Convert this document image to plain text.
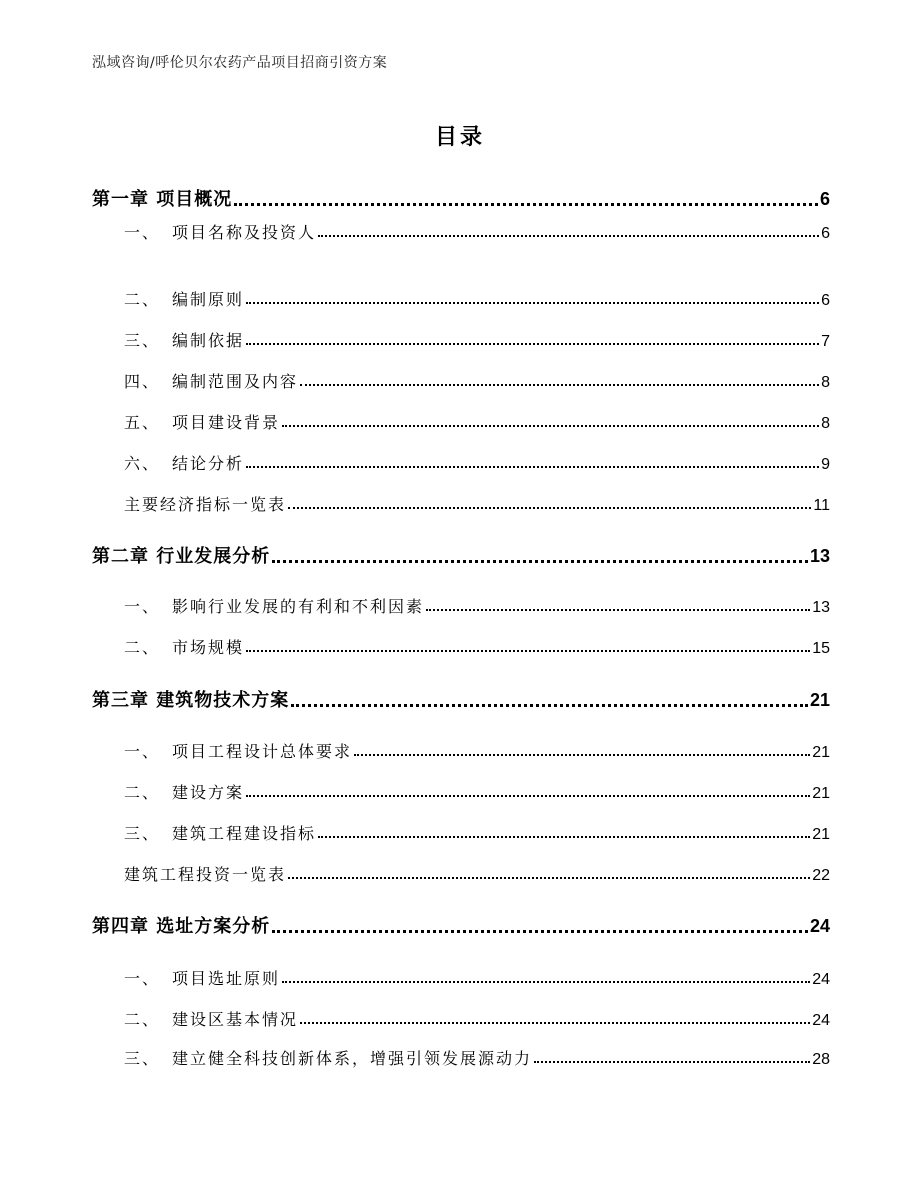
泓域咨询/呼伦贝尔农药产品项目招商引资方案
目录
第一章 项目概况	6
一、 项目名称及投资人	6
二、 编制原则	6
三、 编制依据	7
四、 编制范围及内容	8
五、 项目建设背景	8
六、 结论分析	9
主要经济指标一览表	11
第二章 行业发展分析	13
一、 影响行业发展的有利和不利因素	13
二、 市场规模	15
第三章 建筑物技术方案	21
一、 项目工程设计总体要求	21
二、 建设方案	21
三、 建筑工程建设指标	21
建筑工程投资一览表	22
第四章 选址方案分析	24
一、 项目选址原则	24
二、 建设区基本情况	24
三、 建立健全科技创新体系，增强引领发展源动力	28
